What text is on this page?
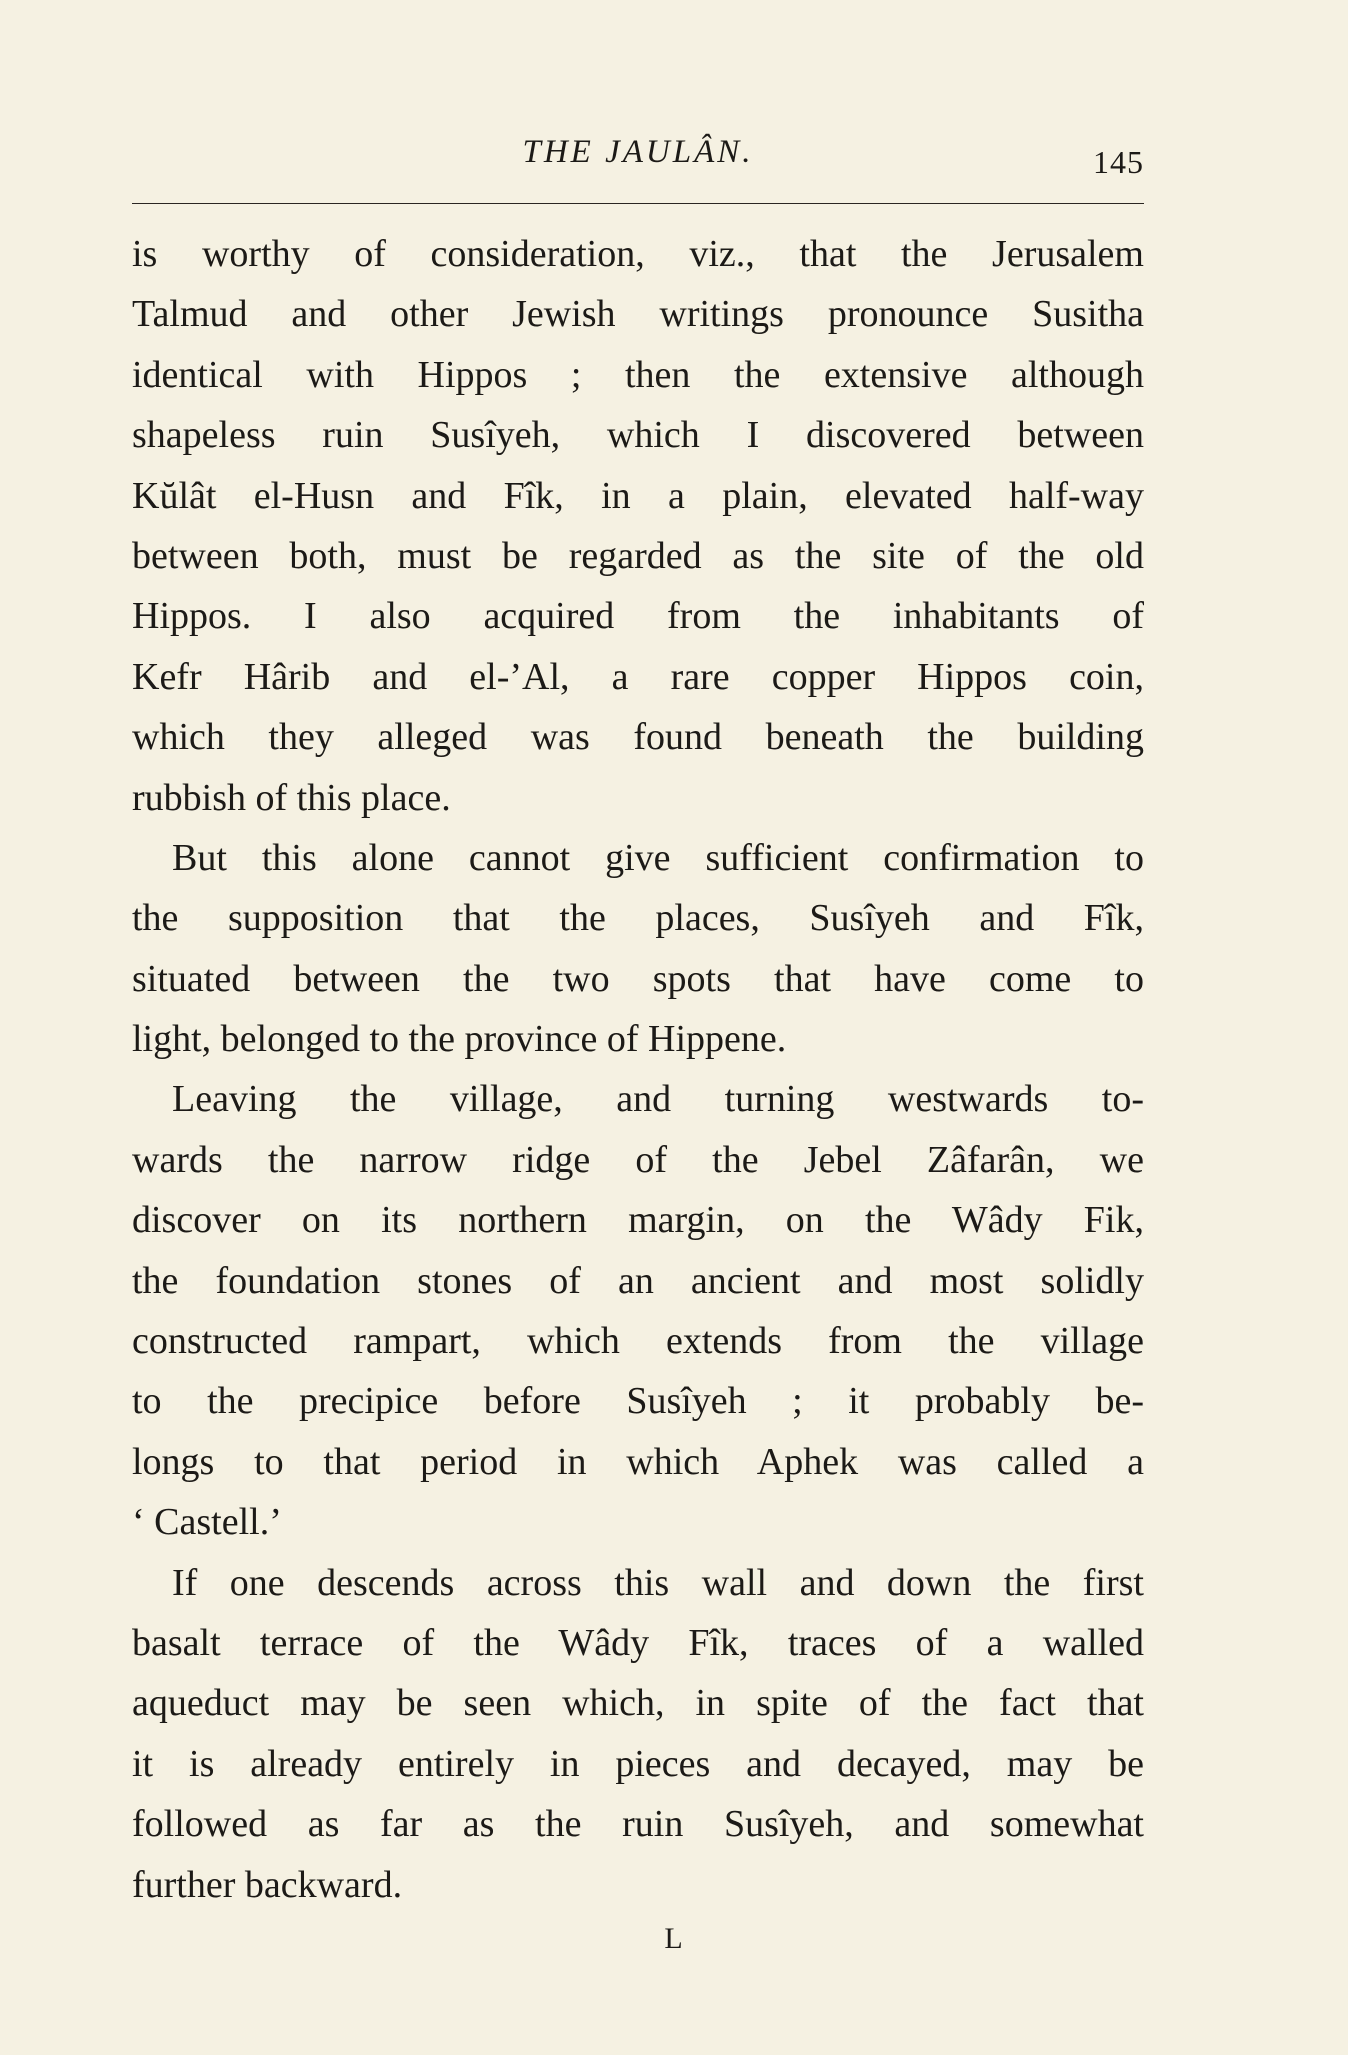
THE JAULÂN.	145
is worthy of consideration, viz., that the Jerusalem
Talmud and other Jewish writings pronounce Susitha
identical with Hippos ; then the extensive although
shapeless ruin Susîyeh, which I discovered between
Kŭlât el-Husn and Fîk, in a plain, elevated half-way
between both, must be regarded as the site of the old
Hippos. I also acquired from the inhabitants of
Kefr Hârib and el-’Al, a rare copper Hippos coin,
which they alleged was found beneath the building
rubbish of this place.
But this alone cannot give sufficient confirmation to
the supposition that the places, Susîyeh and Fîk,
situated between the two spots that have come to
light, belonged to the province of Hippene.
Leaving the village, and turning westwards to-
wards the narrow ridge of the Jebel Zâfarân, we
discover on its northern margin, on the Wâdy Fik,
the foundation stones of an ancient and most solidly
constructed rampart, which extends from the village
to the precipice before Susîyeh ; it probably be-
longs to that period in which Aphek was called a
‘ Castell.’
If one descends across this wall and down the first
basalt terrace of the Wâdy Fîk, traces of a walled
aqueduct may be seen which, in spite of the fact that
it is already entirely in pieces and decayed, may be
followed as far as the ruin Susîyeh, and somewhat
further backward.
L
